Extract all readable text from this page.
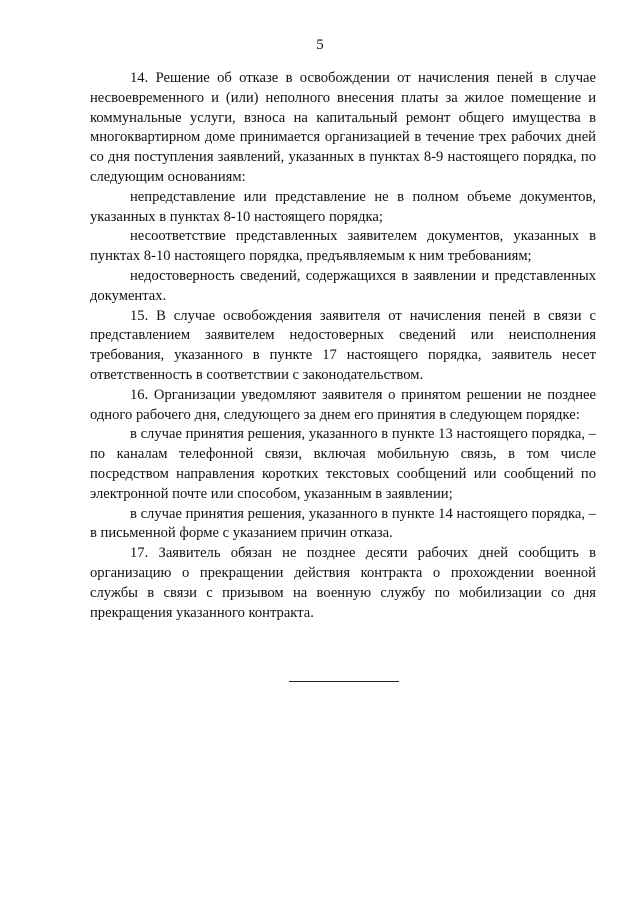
5

14. Решение об отказе в освобождении от начисления пеней в случае несвоевременного и (или) неполного внесения платы за жилое помещение и коммунальные услуги, взноса на капитальный ремонт общего имущества в многоквартирном доме принимается организацией в течение трех рабочих дней со дня поступления заявлений, указанных в пунктах 8-9 настоящего порядка, по следующим основаниям:

непредставление или представление не в полном объеме документов, указанных в пунктах 8-10 настоящего порядка;

несоответствие представленных заявителем документов, указанных в пунктах 8-10 настоящего порядка, предъявляемым к ним требованиям;

недостоверность сведений, содержащихся в заявлении и представленных документах.

15. В случае освобождения заявителя от начисления пеней в связи с представлением заявителем недостоверных сведений или неисполнения требования, указанного в пункте 17 настоящего порядка, заявитель несет ответственность в соответствии с законодательством.

16. Организации уведомляют заявителя о принятом решении не позднее одного рабочего дня, следующего за днем его принятия в следующем порядке:

в случае принятия решения, указанного в пункте 13 настоящего порядка, – по каналам телефонной связи, включая мобильную связь, в том числе посредством направления коротких текстовых сообщений или сообщений по электронной почте или способом, указанным в заявлении;

в случае принятия решения, указанного в пункте 14 настоящего порядка, – в письменной форме с указанием причин отказа.

17. Заявитель обязан не позднее десяти рабочих дней сообщить в организацию о прекращении действия контракта о прохождении военной службы в связи с призывом на военную службу по мобилизации со дня прекращения указанного контракта.
